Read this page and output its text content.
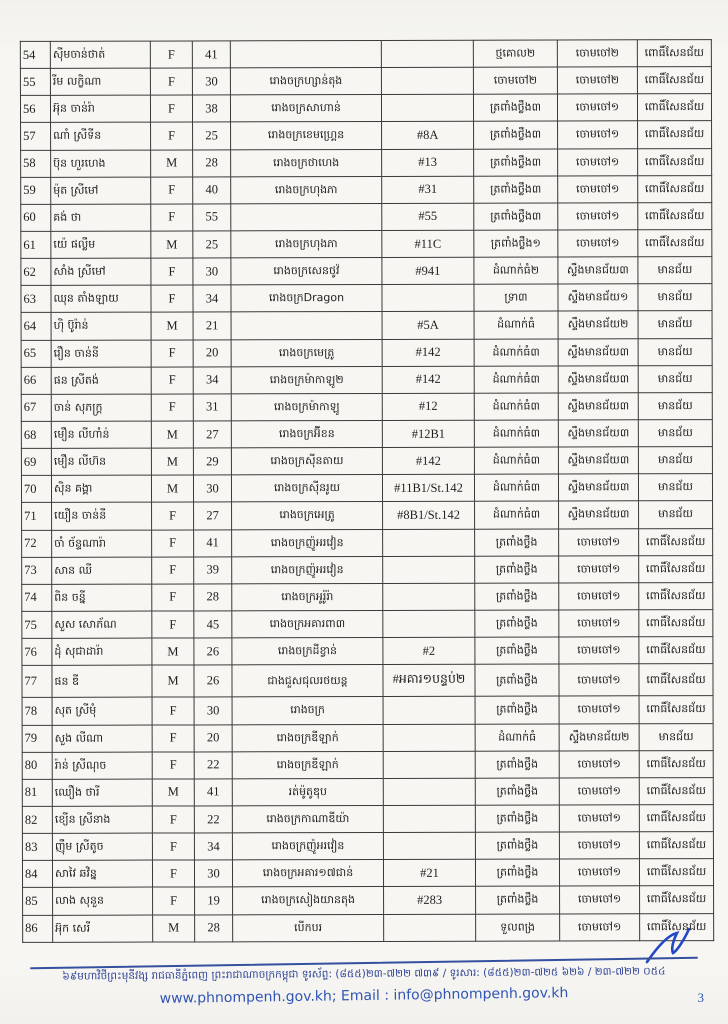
54	ស៊ីមចាន់ថាត់	F	41			ថ្មគោល២	ចោមចៅ២	ពោធិ៍សែនជ័យ
55	រីម លក្ខិណា	F	30	រោងចក្រហ្សាន់តុង		ចោមចៅ២	ចោមចៅ២	ពោធិ៍សែនជ័យ
56	អ៊ុន ចាន់រ៉ា	F	38	រោងចក្រសាហាន់		ត្រពាំងថ្លឹង៣	ចោមចៅ១	ពោធិ៍សែនជ័យ
57	ណាំ ស្រីទីន	F	25	រោងចក្រខេមហ្គ្រេន	#8A	ត្រពាំងថ្លឹង៣	ចោមចៅ១	ពោធិ៍សែនជ័យ
58	ប៊ុន ហួរហេង	M	28	រោងចក្រថាហេង	#13	ត្រពាំងថ្លឹង៣	ចោមចៅ១	ពោធិ៍សែនជ័យ
59	ម៉ុត ស្រីមៅ	F	40	រោងចក្រហុងភា	#31	ត្រពាំងថ្លឹង៣	ចោមចៅ១	ពោធិ៍សែនជ័យ
60	គង់ ថា	F	55		#55	ត្រពាំងថ្លឹង៣	ចោមចៅ១	ពោធិ៍សែនជ័យ
61	យ៉េ ផល្លឹម	M	25	រោងចក្រហុងភា	#11C	ត្រពាំងថ្លឹង១	ចោមចៅ១	ពោធិ៍សែនជ័យ
62	សាំង ស្រីមៅ	F	30	រោងចក្រសេនថូវ៉	#941	ដំណាក់ធំ២	ស្ទឹងមានជ័យ៣	មានជ័យ
63	ឈុន តាំងឡាយ	F	34	រោងចក្រDragon		ទ្រា៣	ស្ទឹងមានជ័យ១	មានជ័យ
64	ហ៊ិ ប៊ូរ៉ាន់	M	21		#5A	ដំណាក់ធំ	ស្ទឹងមានជ័យ២	មានជ័យ
65	រឿន ចាន់នី	F	20	រោងចក្រមេត្រូ	#142	ដំណាក់ធំ៣	ស្ទឹងមានជ័យ៣	មានជ័យ
66	ផន ស្រីតង់	F	34	រោងចក្រម៉ាកាឡូ២	#142	ដំណាក់ធំ៣	ស្ទឹងមានជ័យ៣	មានជ័យ
67	ចាន់ សុភក្ត្រ	F	31	រោងចក្រម៉ាកាឡូ	#12	ដំណាក់ធំ៣	ស្ទឹងមានជ័យ៣	មានជ័យ
68	មឿន លីហាំន់	M	27	រោងចក្រអ៊ីខន	#12B1	ដំណាក់ធំ៣	ស្ទឹងមានជ័យ៣	មានជ័យ
69	មឿន លីហ៊ន	M	29	រោងចក្រស៊ីនតាយ	#142	ដំណាក់ធំ៣	ស្ទឹងមានជ័យ៣	មានជ័យ
70	ស៊ិន គង្គា	M	30	រោងចក្រស៊ីនរូយ	#11B1/St.142	ដំណាក់ធំ៣	ស្ទឹងមានជ័យ៣	មានជ័យ
71	យឿន ចាន់នី	F	27	រោងចក្រអេត្រូ	#8B1/St.142	ដំណាក់ធំ៣	ស្ទឹងមានជ័យ៣	មានជ័យ
72	ចាំ ច័ន្ទណារ៉ា	F	41	រោងចក្រញ៉ូអរវៀន		ត្រពាំងថ្លឹង	ចោមចៅ១	ពោធិ៍សែនជ័យ
73	សាន ឈី	F	39	រោងចក្រញ៉ូអរវៀន		ត្រពាំងថ្លឹង	ចោមចៅ១	ពោធិ៍សែនជ័យ
74	ពិន ចន្នី	F	28	រោងចក្រអូរ៉ូរ៉ា		ត្រពាំងថ្លឹង	ចោមចៅ១	ពោធិ៍សែនជ័យ
75	សួស សោភ័ណ	F	45	រោងចក្រអគារពា៣		ត្រពាំងថ្លឹង	ចោមចៅ១	ពោធិ៍សែនជ័យ
76	ដុំ សុជាដារ៉ា	M	26	រោងចក្រដីខ្វាន់	#2	ត្រពាំងថ្លឹង	ចោមចៅ១	ពោធិ៍សែនជ័យ
77	ផន ឌី	M	26	ជាងជួសជុលរថយន្ត	#អគារ១បន្ទប់២	ត្រពាំងថ្លឹង	ចោមចៅ១	ពោធិ៍សែនជ័យ
78	សុត ស្រីមុំ	F	30	រោងចក្រ		ត្រពាំងថ្លឹង	ចោមចៅ១	ពោធិ៍សែនជ័យ
79	សួង លីណា	F	20	រោងចក្រឌីឡាក់		ដំណាក់ធំ	ស្ទឹងមានជ័យ២	មានជ័យ
80	រ៉ាន់ ស្រីណុច	F	22	រោងចក្រឌីឡាក់		ត្រពាំងថ្លឹង	ចោមចៅ១	ពោធិ៍សែនជ័យ
81	ឈឿង ថារី	M	41	រត់ម៉ូតូឌុប		ត្រពាំងថ្លឹង	ចោមចៅ១	ពោធិ៍សែនជ័យ
82	ខ្យើន ស្រីនាង	F	22	រោងចក្រកាណាឌីយ៉ា		ត្រពាំងថ្លឹង	ចោមចៅ១	ពោធិ៍សែនជ័យ
83	ញ៉ឹម ស្រីតូច	F	34	រោងចក្រញ៉ូអរវៀន		ត្រពាំងថ្លឹង	ចោមចៅ១	ពោធិ៍សែនជ័យ
84	សាវៃ ឆវិន្ន	F	30	រោងចក្រអគារ១៧ជាន់	#21	ត្រពាំងថ្លឹង	ចោមចៅ១	ពោធិ៍សែនជ័យ
85	លាង សុនួន	F	19	រោងចក្រសៀងយានតុង	#283	ត្រពាំងថ្លឹង	ចោមចៅ១	ពោធិ៍សែនជ័យ
86	អ៊ុក សេរី	M	28	បើកបរ		ទួលពង្រ	ចោមចៅ១	ពោធិ៍សែនជ័យ
៦៩មហាវិថីព្រះមុនីវង្ស រាជធានីភ្នំពេញ ព្រះរាជាណាចក្រកម្ពុជា ទូរស័ព្ទ: (៨៥៥)២៣-៧២២ ៧៣៩ / ទូរសារ: (៨៥៥)២៣-៧២៥ ៦២៦ / ២៣-៧២២ ០៥៤
www.phnompenh.gov.kh; Email : info@phnompenh.gov.kh	3
